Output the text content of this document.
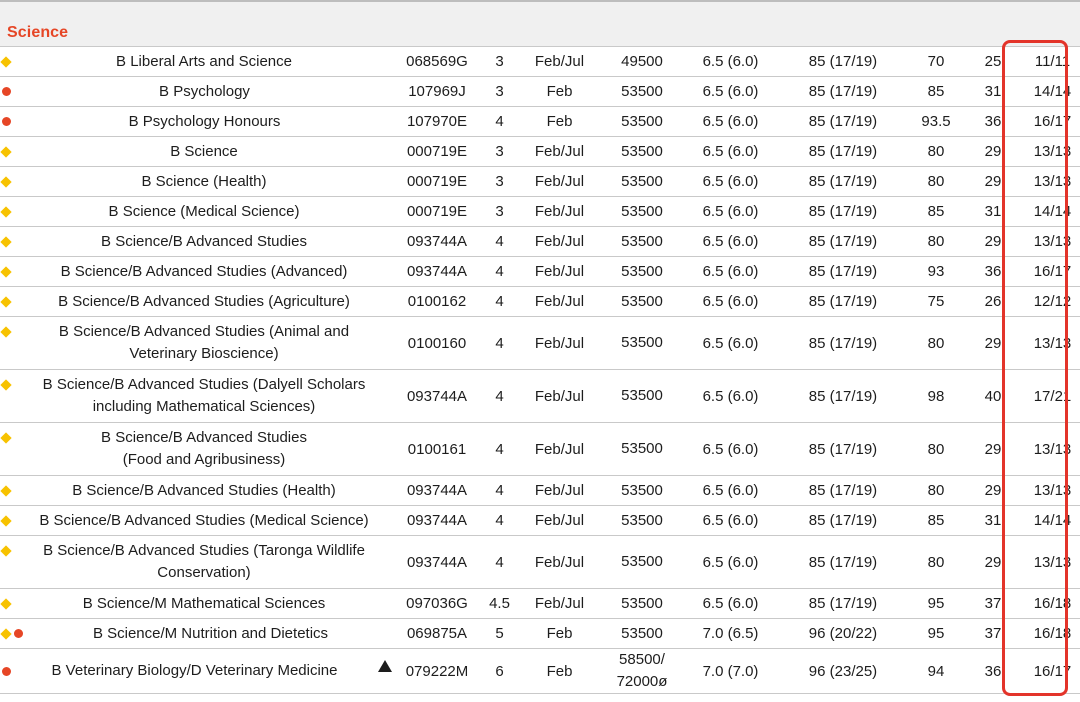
Science
B Liberal Arts and Science	068569G	3	Feb/Jul	49500	6.5 (6.0)	85 (17/19)	70	25	11/11	

B Psychology	107969J	3	Feb	53500	6.5 (6.0)	85 (17/19)	85	31	14/14	

B Psychology Honours	107970E	4	Feb	53500	6.5 (6.0)	85 (17/19)	93.5	36	16/17	

B Science	000719E	3	Feb/Jul	53500	6.5 (6.0)	85 (17/19)	80	29	13/13	

B Science (Health)	000719E	3	Feb/Jul	53500	6.5 (6.0)	85 (17/19)	80	29	13/13	

B Science (Medical Science)	000719E	3	Feb/Jul	53500	6.5 (6.0)	85 (17/19)	85	31	14/14	

B Science/B Advanced Studies	093744A	4	Feb/Jul	53500	6.5 (6.0)	85 (17/19)	80	29	13/13	

B Science/B Advanced Studies (Advanced)	093744A	4	Feb/Jul	53500	6.5 (6.0)	85 (17/19)	93	36	16/17	

B Science/B Advanced Studies (Agriculture)	0100162	4	Feb/Jul	53500	6.5 (6.0)	85 (17/19)	75	26	12/12	

B Science/B Advanced Studies (Animal and
Veterinary Bioscience)	0100160	4	Feb/Jul	53500	6.5 (6.0)	85 (17/19)	80	29	13/13	

B Science/B Advanced Studies (Dalyell Scholars
including Mathematical Sciences)	093744A	4	Feb/Jul	53500	6.5 (6.0)	85 (17/19)	98	40	17/21	

B Science/B Advanced Studies
(Food and Agribusiness)	0100161	4	Feb/Jul	53500	6.5 (6.0)	85 (17/19)	80	29	13/13	

B Science/B Advanced Studies (Health)	093744A	4	Feb/Jul	53500	6.5 (6.0)	85 (17/19)	80	29	13/13	

B Science/B Advanced Studies (Medical Science)	093744A	4	Feb/Jul	53500	6.5 (6.0)	85 (17/19)	85	31	14/14	

B Science/B Advanced Studies (Taronga Wildlife
Conservation)	093744A	4	Feb/Jul	53500	6.5 (6.0)	85 (17/19)	80	29	13/13	

B Science/M Mathematical Sciences	097036G	4.5	Feb/Jul	53500	6.5 (6.0)	85 (17/19)	95	37	16/18	

B Science/M Nutrition and Dietetics	069875A	5	Feb	53500	7.0 (6.5)	96 (20/22)	95	37	16/18	

B Veterinary Biology/D Veterinary Medicine	079222M	6	Feb	58500/
72000ø	7.0 (7.0)	96 (23/25)	94	36	16/17	
